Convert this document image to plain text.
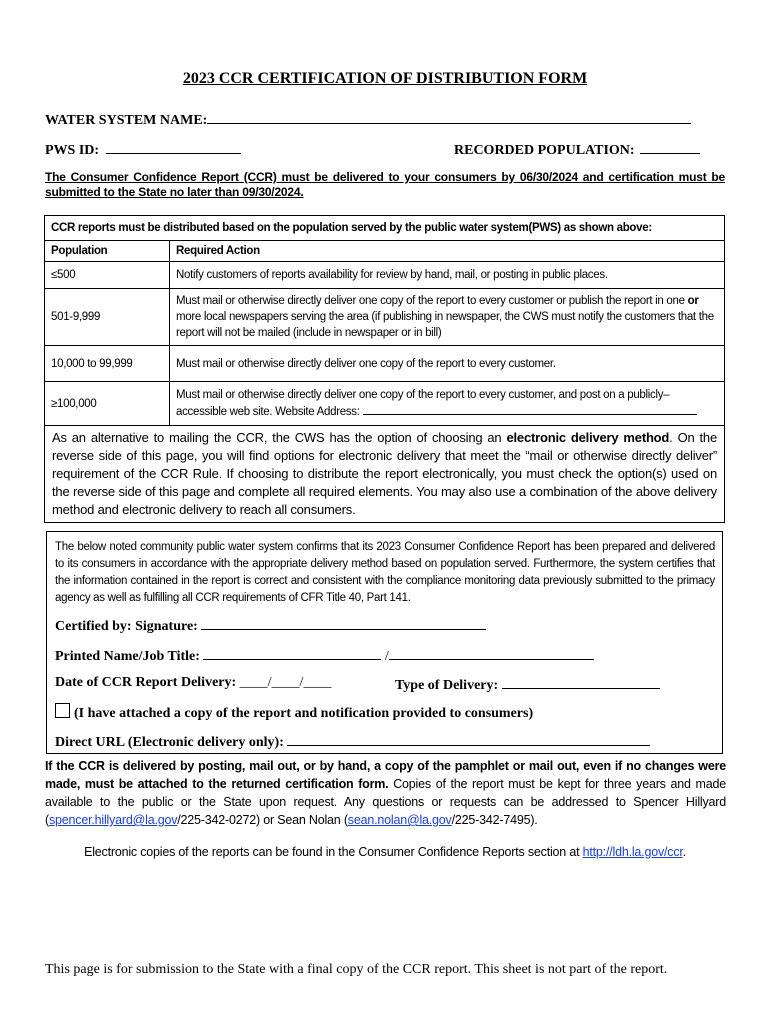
2023 CCR CERTIFICATION OF DISTRIBUTION FORM
WATER SYSTEM NAME:
PWS ID:	RECORDED POPULATION:
The Consumer Confidence Report (CCR) must be delivered to your consumers by 06/30/2024 and certification must be submitted to the State no later than 09/30/2024.
CCR reports must be distributed based on the population served by the public water system(PWS) as shown above:	
Population	Required Action
≤500	Notify customers of reports availability for review by hand, mail, or posting in public places.
501-9,999	Must mail or otherwise directly deliver one copy of the report to every customer or publish the report in one or more local newspapers serving the area (if publishing in newspaper, the CWS must notify the customers that the report will not be mailed (include in newspaper or in bill)
10,000 to 99,999	Must mail or otherwise directly deliver one copy of the report to every customer.
≥100,000	Must mail or otherwise directly deliver one copy of the report to every customer, and post on a publicly–accessible web site. Website Address:
As an alternative to mailing the CCR, the CWS has the option of choosing an electronic delivery method. On the reverse side of this page, you will find options for electronic delivery that meet the “mail or otherwise directly deliver” requirement of the CCR Rule. If choosing to distribute the report electronically, you must check the option(s) used on the reverse side of this page and complete all required elements. You may also use a combination of the above delivery method and electronic delivery to reach all consumers.	
The below noted community public water system confirms that its 2023 Consumer Confidence Report has been prepared and delivered to its consumers in accordance with the appropriate delivery method based on population served. Furthermore, the system certifies that the information contained in the report is correct and consistent with the compliance monitoring data previously submitted to the primacy agency as well as fulfilling all CCR requirements of CFR Title 40, Part 141.
Certified by: Signature:
Printed Name/Job Title:	/
Date of CCR Report Delivery: ____/____/____	Type of Delivery:
(I have attached a copy of the report and notification provided to consumers)
Direct URL (Electronic delivery only):
If the CCR is delivered by posting, mail out, or by hand, a copy of the pamphlet or mail out, even if no changes were made, must be attached to the returned certification form. Copies of the report must be kept for three years and made available to the public or the State upon request. Any questions or requests can be addressed to Spencer Hillyard (spencer.hillyard@la.gov/225-342-0272) or Sean Nolan (sean.nolan@la.gov/225-342-7495).
Electronic copies of the reports can be found in the Consumer Confidence Reports section at http://ldh.la.gov/ccr.
This page is for submission to the State with a final copy of the CCR report. This sheet is not part of the report.
